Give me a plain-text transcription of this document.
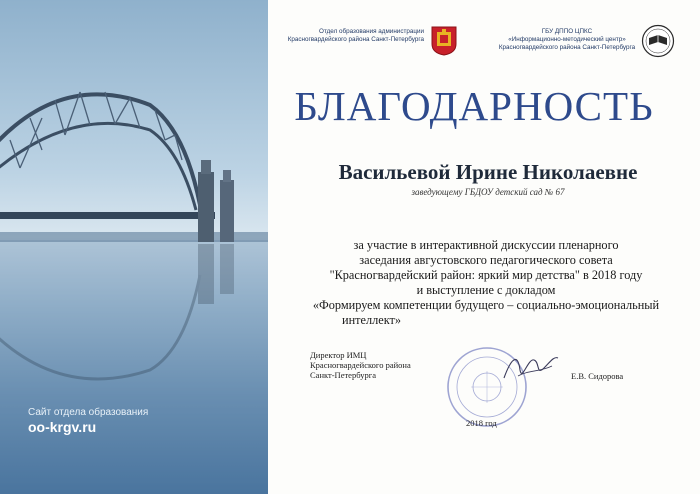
Сайт отдела образования
oo-krgv.ru
Отдел образования администрации
Красногвардейского района Санкт-Петербурга
ГБУ ДППО ЦПКС
«Информационно-методический центр»
Красногвардейского района Санкт-Петербурга
БЛАГОДАРНОСТЬ
Васильевой Ирине Николаевне
заведующему ГБДОУ детский сад № 67
за участие в интерактивной дискуссии пленарного
заседания августовского педагогического совета
"Красногвардейский район: яркий мир детства" в 2018 году
и выступление с докладом
«Формируем компетенции будущего – социально-эмоциональный
интеллект»
Директор ИМЦ
Красногвардейского района
Санкт-Петербурга	Е.В. Сидорова
2018 год
